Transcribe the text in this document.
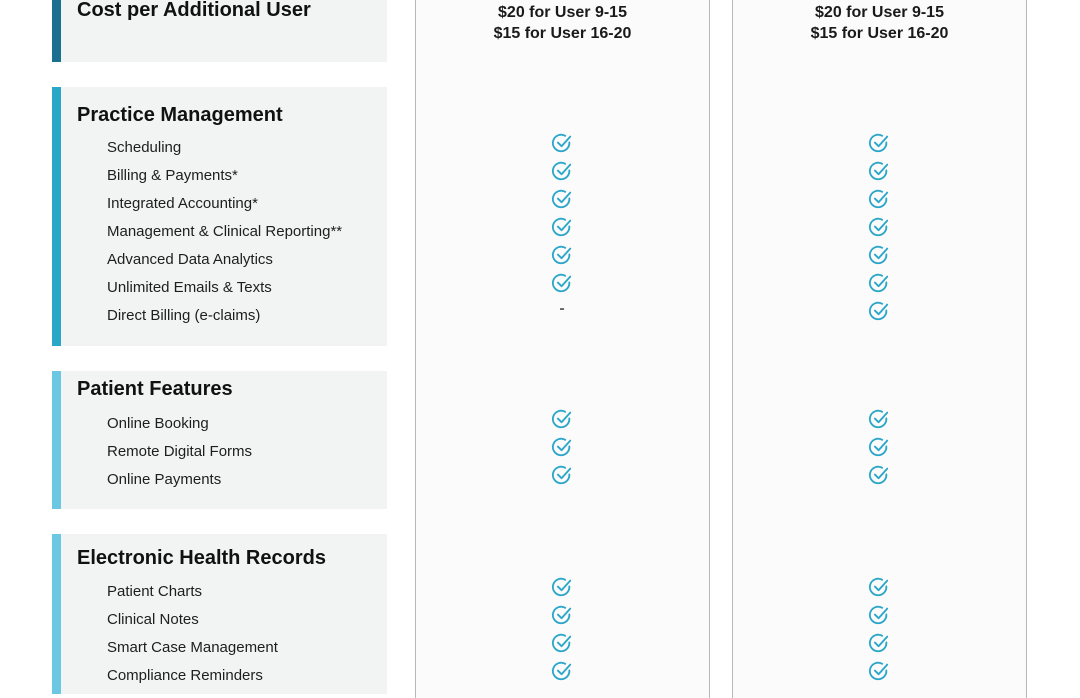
$20 for User 9-15
$15 for User 16-20
$20 for User 9-15
$15 for User 16-20
Cost per Additional User
Practice Management
Scheduling
Billing & Payments*
Integrated Accounting*
Management & Clinical Reporting**
Advanced Data Analytics
Unlimited Emails & Texts
Direct Billing (e-claims)
Patient Features
Online Booking
Remote Digital Forms
Online Payments
Electronic Health Records
Patient Charts
Clinical Notes
Smart Case Management
Compliance Reminders
-
